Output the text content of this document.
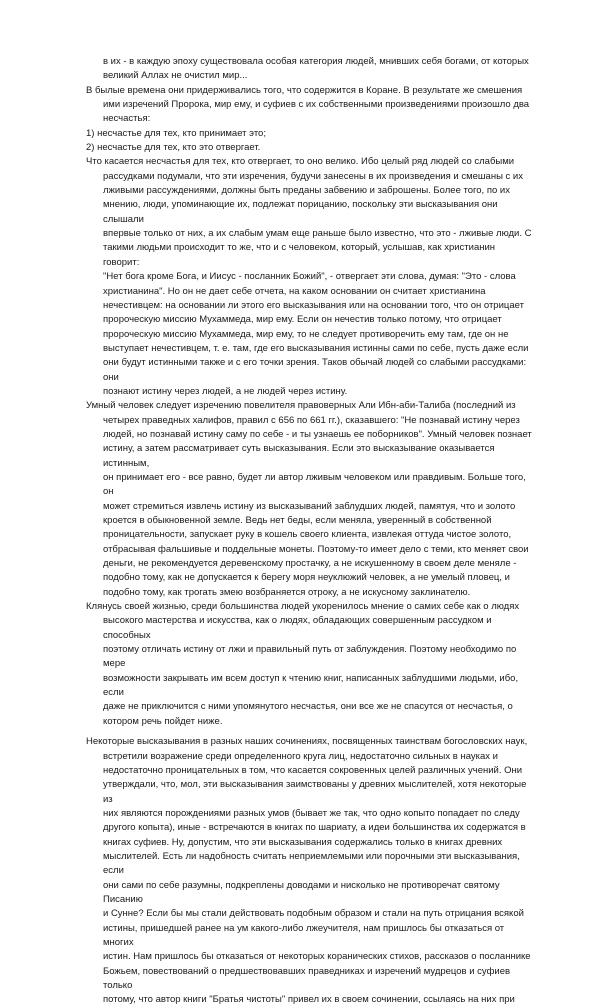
в их - в каждую эпоху существовала особая категория людей, мнивших себя богами, от которых
великий Аллах не очистил мир...

В былые времена они придерживались того, что содержится в Коране. В результате же смешения

ими изречений Пророка, мир ему, и суфиев с их собственными произведениями произошло два
несчастья:

1) несчастье для тех, кто принимает это;

2) несчастье для тех, кто это отвергает.

Что касается несчастья для тех, кто отвергает, то оно велико. Ибо целый ряд людей со слабыми

рассудками подумали, что эти изречения, будучи занесены в их произведения и смешаны с их
лживыми рассуждениями, должны быть преданы забвению и заброшены. Более того, по их
мнению, люди, упоминающие их, подлежат порицанию, поскольку эти высказывания они слышали
впервые только от них, а их слабым умам еще раньше было известно, что это - лживые люди. С
такими людьми происходит то же, что и с человеком, который, услышав, как христианин говорит:
"Нет бога кроме Бога, и Иисус - посланник Божий", - отвергает эти слова, думая: "Это - слова
христианина". Но он не дает себе отчета, на каком основании он считает христианина
нечестивцем: на основании ли этого его высказывания или на основании того, что он отрицает
пророческую миссию Мухаммеда, мир ему. Если он нечестив только потому, что отрицает
пророческую миссию Мухаммеда, мир ему, то не следует противоречить ему там, где он не
выступает нечестивцем, т. е. там, где его высказывания истинны сами по себе, пусть даже если
они будут истинными также и с его точки зрения. Таков обычай людей со слабыми рассудками: они
познают истину через людей, а не людей через истину.

Умный человек следует изречению повелителя правоверных Али Ибн-аби-Талиба (последний из

четырех праведных халифов, правил с 656 по 661 гг.), сказавшего: "Не познавай истину через
людей, но познавай истину саму по себе - и ты узнаешь ее поборников". Умный человек познает
истину, а затем рассматривает суть высказывания. Если это высказывание оказывается истинным,
он принимает его - все равно, будет ли автор лживым человеком или правдивым. Больше того, он
может стремиться извлечь истину из высказываний заблудших людей, памятуя, что и золото
кроется в обыкновенной земле. Ведь нет беды, если меняла, уверенный в собственной
проницательности, запускает руку в кошель своего клиента, извлекая оттуда чистое золото,
отбрасывая фальшивые и поддельные монеты. Поэтому-то имеет дело с теми, кто меняет свои
деньги, не рекомендуется деревенскому простачку, а не искушенному в своем деле меняле -
подобно тому, как не допускается к берегу моря неуклюжий человек, а не умелый пловец, и
подобно тому, как трогать змею возбраняется отроку, а не искусному заклинателю.

Клянусь своей жизнью, среди большинства людей укоренилось мнение о самих себе как о людях

высокого мастерства и искусства, как о людях, обладающих совершенным рассудком и способных
поэтому отличать истину от лжи и правильный путь от заблуждения. Поэтому необходимо по мере
возможности закрывать им всем доступ к чтению книг, написанных заблудшими людьми, ибо, если
даже не приключится с ними упомянутого несчастья, они все же не спасутся от несчастья, о
котором речь пойдет ниже.

Некоторые высказывания в разных наших сочинениях, посвященных таинствам богословских наук,

встретили возражение среди определенного круга лиц, недостаточно сильных в науках и
недостаточно проницательных в том, что касается сокровенных целей различных учений. Они
утверждали, что, мол, эти высказывания заимствованы у древних мыслителей, хотя некоторые из
них являются порождениями разных умов (бывает же так, что одно копыто попадает по следу
другого копыта), иные - встречаются в книгах по шариату, а идеи большинства их содержатся в
книгах суфиев. Ну, допустим, что эти высказывания содержались только в книгах древних
мыслителей. Есть ли надобность считать неприемлемыми или порочными эти высказывания, если
они сами по себе разумны, подкреплены доводами и нисколько не противоречат святому Писанию
и Сунне? Если бы мы стали действовать подобным образом и стали на путь отрицания всякой
истины, пришедшей ранее на ум какого-либо лжеучителя, нам пришлось бы отказаться от многих
истин. Нам пришлось бы отказаться от некоторых коранических стихов, рассказов о посланнике
Божьем, повествований о предшествовавших праведниках и изречений мудрецов и суфиев только
потому, что автор книги "Братья чистоты" привел их в своем сочинении, ссылаясь на них при
